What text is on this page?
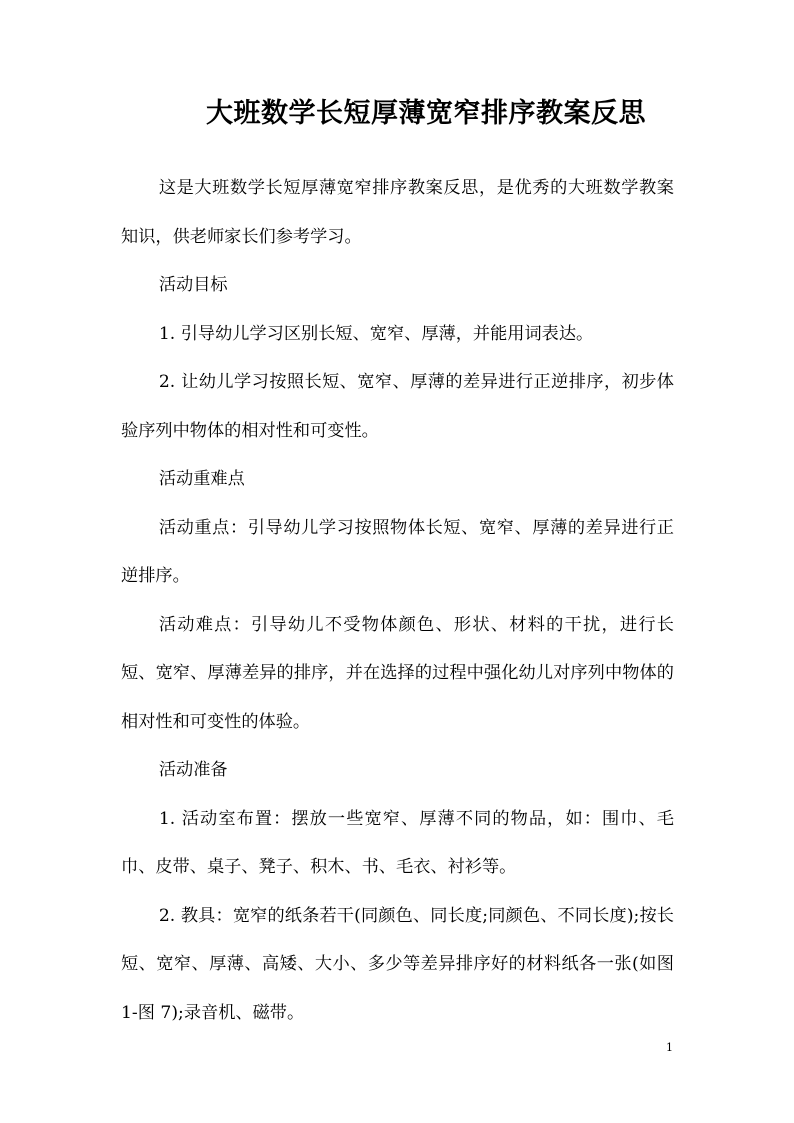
大班数学长短厚薄宽窄排序教案反思

这是大班数学长短厚薄宽窄排序教案反思，是优秀的大班数学教案知识，供老师家长们参考学习。

活动目标

1. 引导幼儿学习区别长短、宽窄、厚薄，并能用词表达。

2. 让幼儿学习按照长短、宽窄、厚薄的差异进行正逆排序，初步体验序列中物体的相对性和可变性。

活动重难点

活动重点：引导幼儿学习按照物体长短、宽窄、厚薄的差异进行正逆排序。

活动难点：引导幼儿不受物体颜色、形状、材料的干扰，进行长短、宽窄、厚薄差异的排序，并在选择的过程中强化幼儿对序列中物体的相对性和可变性的体验。

活动准备

1. 活动室布置：摆放一些宽窄、厚薄不同的物品，如：围巾、毛巾、皮带、桌子、凳子、积木、书、毛衣、衬衫等。

2. 教具：宽窄的纸条若干(同颜色、同长度;同颜色、不同长度);按长短、宽窄、厚薄、高矮、大小、多少等差异排序好的材料纸各一张(如图 1-图 7);录音机、磁带。

1
